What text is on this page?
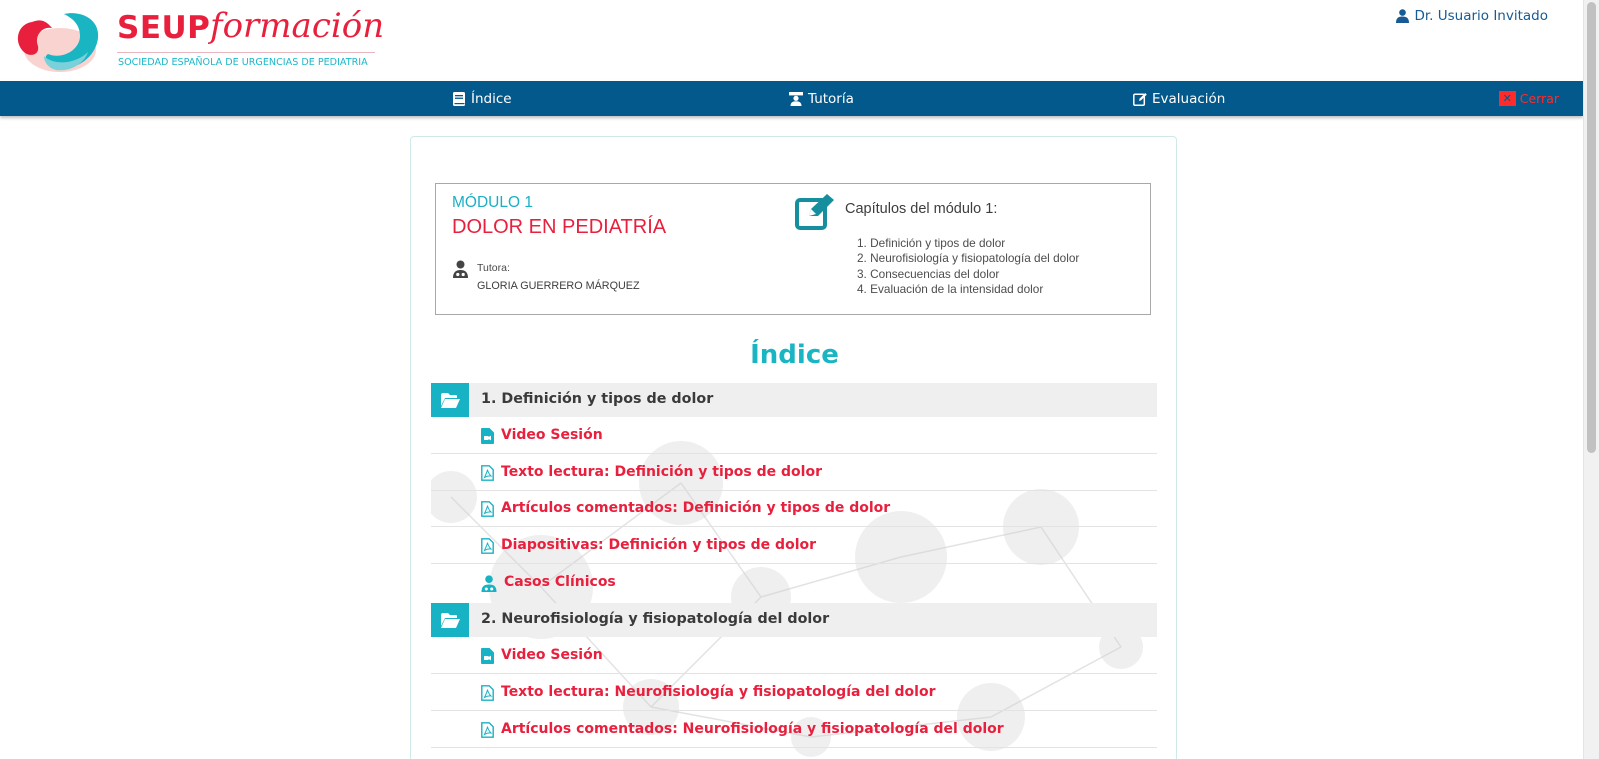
SEUP formación
SOCIEDAD ESPAÑOLA DE URGENCIAS DE PEDIATRIA
Dr. Usuario Invitado
Índice	Tutoría	Evaluación	✕ Cerrar
MÓDULO 1
DOLOR EN PEDIATRÍA
Tutora:
GLORIA GUERRERO MÁRQUEZ
Capítulos del módulo 1:
1. Definición y tipos de dolor
2. Neurofisiología y fisiopatología del dolor
3. Consecuencias del dolor
4. Evaluación de la intensidad dolor
Índice
1. Definición y tipos de dolor
Video Sesión
Texto lectura: Definición y tipos de dolor
Artículos comentados: Definición y tipos de dolor
Diapositivas: Definición y tipos de dolor
Casos Clínicos
2. Neurofisiología y fisiopatología del dolor
Video Sesión
Texto lectura: Neurofisiología y fisiopatología del dolor
Artículos comentados: Neurofisiología y fisiopatología del dolor
